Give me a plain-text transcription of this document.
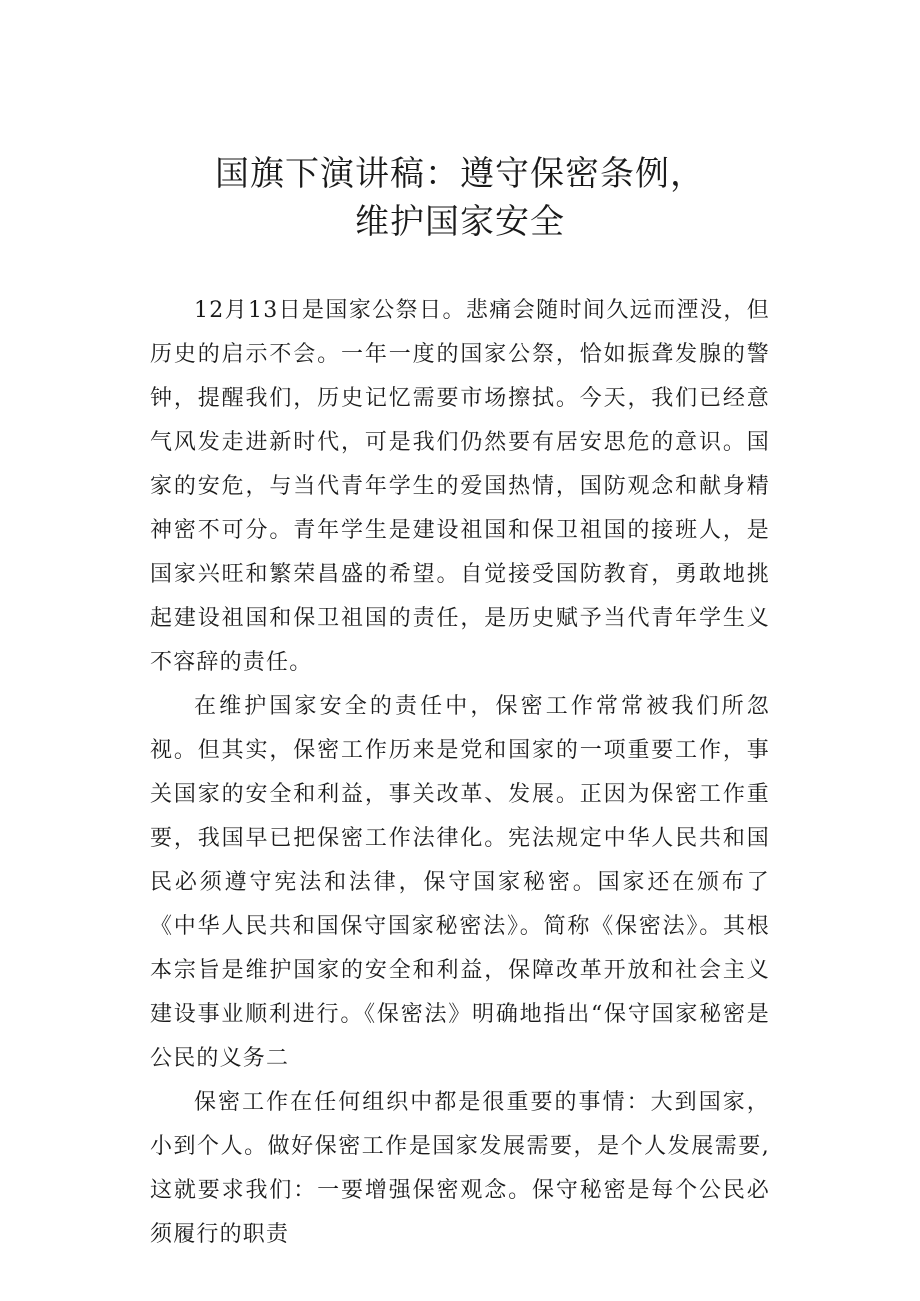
国旗下演讲稿：遵守保密条例，
维护国家安全

12月13日是国家公祭日。悲痛会随时间久远而湮没，但历史的启示不会。一年一度的国家公祭，恰如振聋发腺的警钟，提醒我们，历史记忆需要市场擦拭。今天，我们已经意气风发走进新时代，可是我们仍然要有居安思危的意识。国家的安危，与当代青年学生的爱国热情，国防观念和献身精神密不可分。青年学生是建设祖国和保卫祖国的接班人，是国家兴旺和繁荣昌盛的希望。自觉接受国防教育，勇敢地挑起建设祖国和保卫祖国的责任，是历史赋予当代青年学生义不容辞的责任。

在维护国家安全的责任中，保密工作常常被我们所忽视。但其实，保密工作历来是党和国家的一项重要工作，事关国家的安全和利益，事关改革、发展。正因为保密工作重要，我国早已把保密工作法律化。宪法规定中华人民共和国民必须遵守宪法和法律，保守国家秘密。国家还在颁布了《中华人民共和国保守国家秘密法》。简称《保密法》。其根本宗旨是维护国家的安全和利益，保障改革开放和社会主义建设事业顺利进行。《保密法》明确地指出“保守国家秘密是公民的义务二

保密工作在任何组织中都是很重要的事情：大到国家，小到个人。做好保密工作是国家发展需要，是个人发展需要,这就要求我们：一要增强保密观念。保守秘密是每个公民必须履行的职责
